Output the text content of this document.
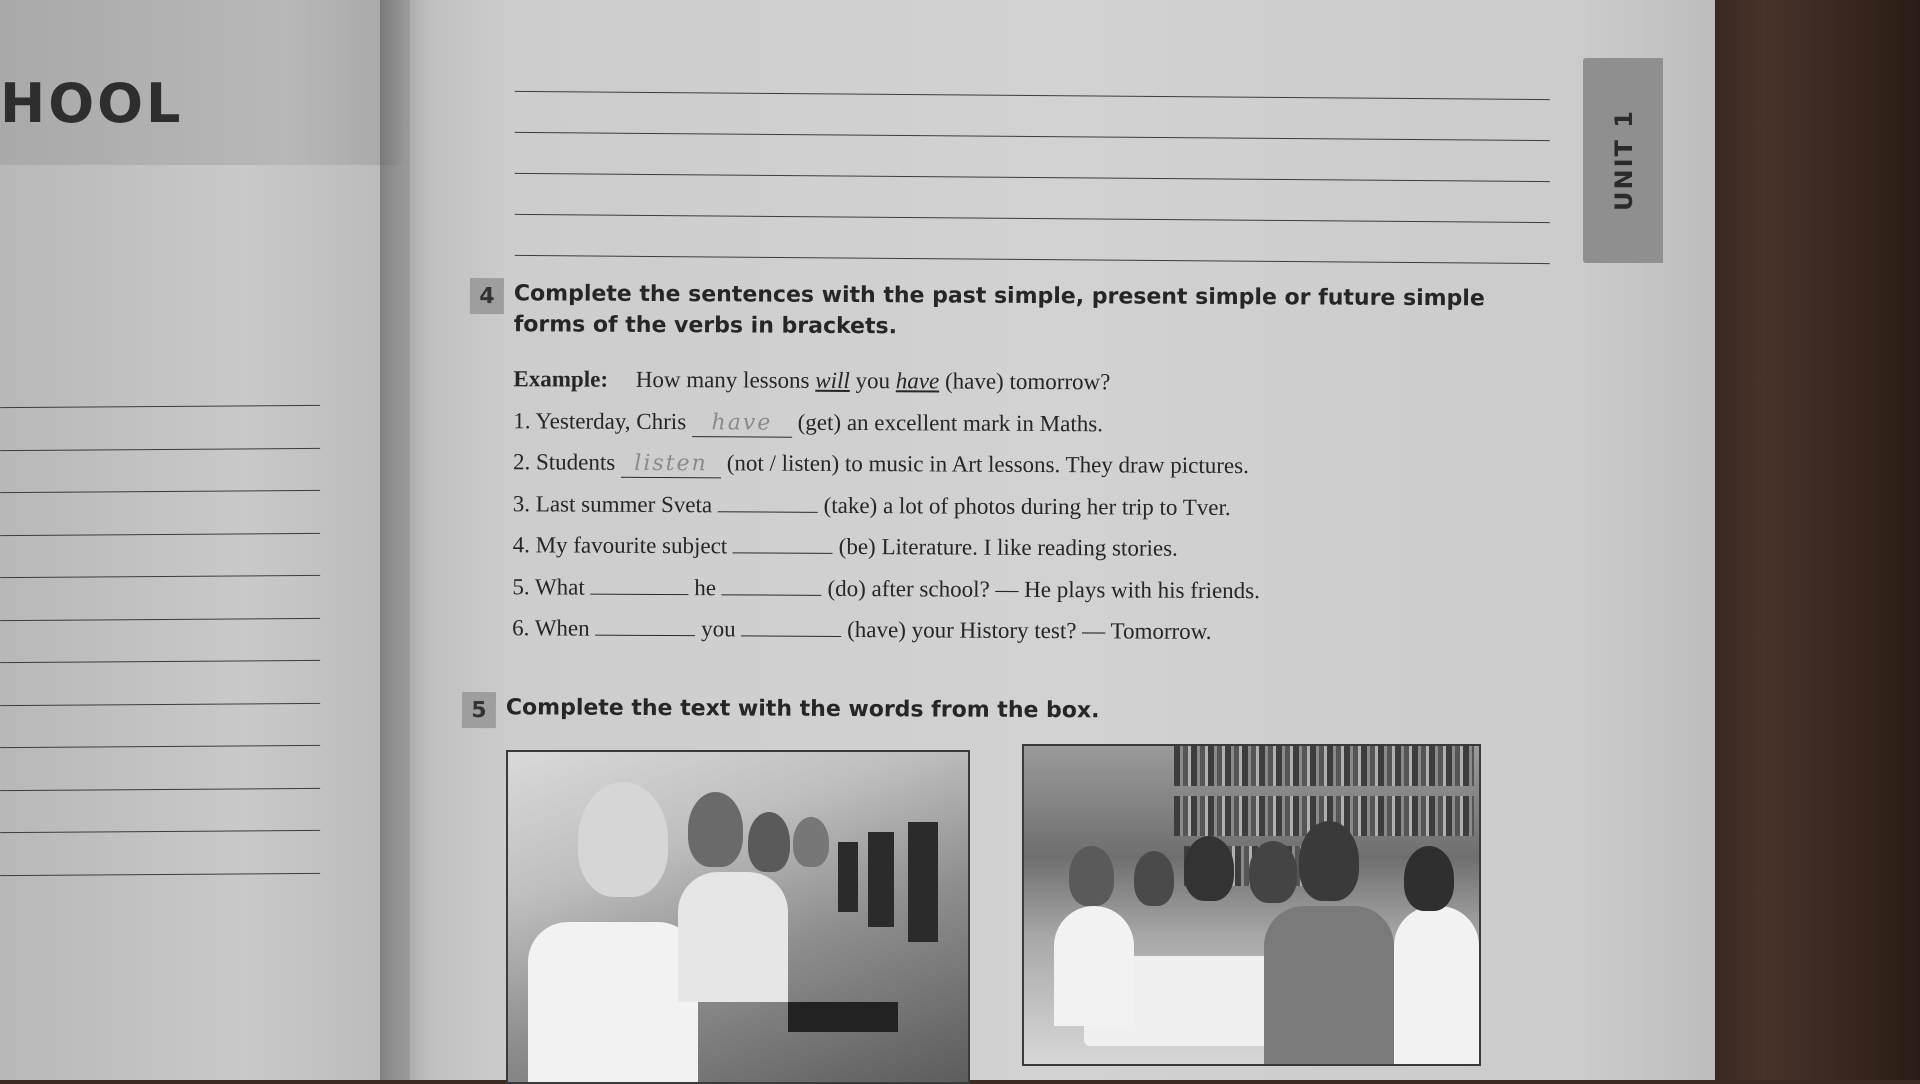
HOOL
UNIT 1
4 Complete the sentences with the past simple, present simple or future simple forms of the verbs in brackets.
Example: How many lessons will you have (have) tomorrow?
1. Yesterday, Chris have (get) an excellent mark in Maths.
2. Students listen (not / listen) to music in Art lessons. They draw pictures.
3. Last summer Sveta	(take) a lot of photos during her trip to Tver.
4. My favourite subject	(be) Literature. I like reading stories.
5. What	he	(do) after school? — He plays with his friends.
6. When	you	(have) your History test? — Tomorrow.
5 Complete the text with the words from the box.
